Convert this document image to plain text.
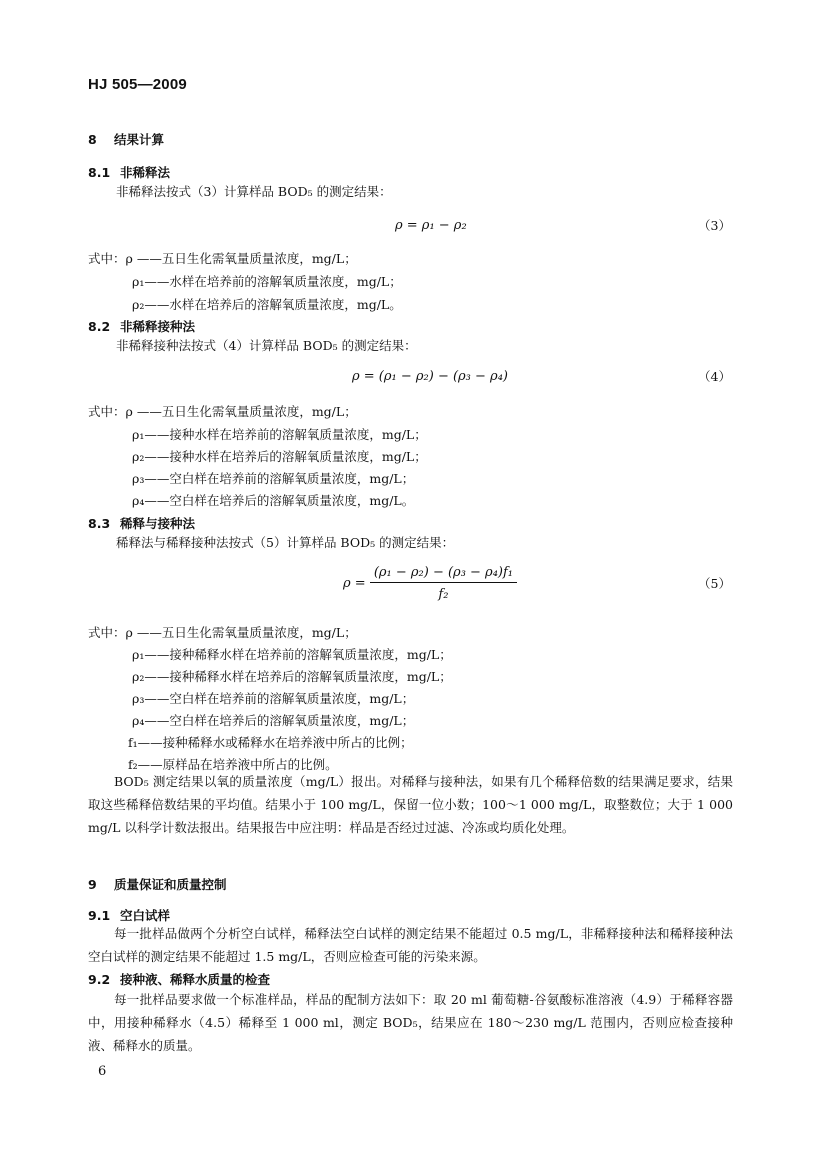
HJ 505—2009
8 结果计算
8.1 非稀释法
非稀释法按式（3）计算样品 BOD₅ 的测定结果：
ρ = ρ₁ − ρ₂	（3）
式中：ρ ——五日生化需氧量质量浓度，mg/L；
ρ₁——水样在培养前的溶解氧质量浓度，mg/L；
ρ₂——水样在培养后的溶解氧质量浓度，mg/L。
8.2 非稀释接种法
非稀释接种法按式（4）计算样品 BOD₅ 的测定结果：
ρ = (ρ₁ − ρ₂) − (ρ₃ − ρ₄)	（4）
式中：ρ ——五日生化需氧量质量浓度，mg/L；
ρ₁——接种水样在培养前的溶解氧质量浓度，mg/L；
ρ₂——接种水样在培养后的溶解氧质量浓度，mg/L；
ρ₃——空白样在培养前的溶解氧质量浓度，mg/L；
ρ₄——空白样在培养后的溶解氧质量浓度，mg/L。
8.3 稀释与接种法
稀释法与稀释接种法按式（5）计算样品 BOD₅ 的测定结果：
$\rho = \frac{\text{(ρ₁ − ρ₂) − (ρ₃ − ρ₄)f₁}}{\text{f₂}}$	（5）
式中：ρ ——五日生化需氧量质量浓度，mg/L；
ρ₁——接种稀释水样在培养前的溶解氧质量浓度，mg/L；
ρ₂——接种稀释水样在培养后的溶解氧质量浓度，mg/L；
ρ₃——空白样在培养前的溶解氧质量浓度，mg/L；
ρ₄——空白样在培养后的溶解氧质量浓度，mg/L；
f₁——接种稀释水或稀释水在培养液中所占的比例；
f₂——原样品在培养液中所占的比例。
BOD₅ 测定结果以氧的质量浓度（mg/L）报出。对稀释与接种法，如果有几个稀释倍数的结果满足要求，结果取这些稀释倍数结果的平均值。结果小于 100 mg/L，保留一位小数；100～1 000 mg/L，取整数位；大于 1 000 mg/L 以科学计数法报出。结果报告中应注明：样品是否经过过滤、冷冻或均质化处理。
9 质量保证和质量控制
9.1 空白试样
每一批样品做两个分析空白试样，稀释法空白试样的测定结果不能超过 0.5 mg/L，非稀释接种法和稀释接种法空白试样的测定结果不能超过 1.5 mg/L，否则应检查可能的污染来源。
9.2 接种液、稀释水质量的检查
每一批样品要求做一个标准样品，样品的配制方法如下：取 20 ml 葡萄糖-谷氨酸标准溶液（4.9）于稀释容器中，用接种稀释水（4.5）稀释至 1 000 ml，测定 BOD₅，结果应在 180～230 mg/L 范围内，否则应检查接种液、稀释水的质量。
6
